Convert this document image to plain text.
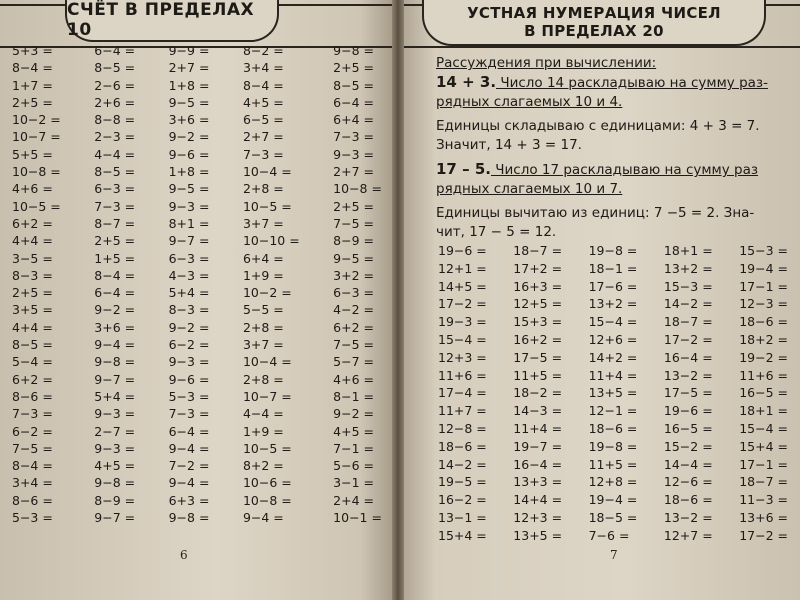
СЧЁТ В ПРЕДЕЛАХ 10
5+3 =
8−4 =
1+7 =
2+5 =
10−2 =
10−7 =
5+5 =
10−8 =
4+6 =
10−5 =
6+2 =
4+4 =
3−5 =
8−3 =
2+5 =
3+5 =
4+4 =
8−5 =
5−4 =
6+2 =
8−6 =
7−3 =
6−2 =
7−5 =
8−4 =
3+4 =
8−6 =
5−3 =
6−4 =
8−5 =
2−6 =
2+6 =
8−8 =
2−3 =
4−4 =
8−5 =
6−3 =
7−3 =
8−7 =
2+5 =
1+5 =
8−4 =
6−4 =
9−2 =
3+6 =
9−4 =
9−8 =
9−7 =
5+4 =
9−3 =
2−7 =
9−3 =
4+5 =
9−8 =
8−9 =
9−7 =
9−9 =
2+7 =
1+8 =
9−5 =
3+6 =
9−2 =
9−6 =
1+8 =
9−5 =
9−3 =
8+1 =
9−7 =
6−3 =
4−3 =
5+4 =
8−3 =
9−2 =
6−2 =
9−3 =
9−6 =
5−3 =
7−3 =
6−4 =
9−4 =
7−2 =
9−4 =
6+3 =
9−8 =
8−2 =
3+4 =
8−4 =
4+5 =
6−5 =
2+7 =
7−3 =
10−4 =
2+8 =
10−5 =
3+7 =
10−10 =
6+4 =
1+9 =
10−2 =
5−5 =
2+8 =
3+7 =
10−4 =
2+8 =
10−7 =
4−4 =
1+9 =
10−5 =
8+2 =
10−6 =
10−8 =
9−4 =
9−8 =
2+5 =
8−5 =
6−4 =
6+4 =
7−3 =
9−3 =
2+7 =
10−8 =
2+5 =
7−5 =
8−9 =
9−5 =
3+2 =
6−3 =
4−2 =
6+2 =
7−5 =
5−7 =
4+6 =
8−1 =
9−2 =
4+5 =
7−1 =
5−6 =
3−1 =
2+4 =
10−1 =
6
УСТНАЯ НУМЕРАЦИЯ ЧИСЕЛ
В ПРЕДЕЛАХ 20

Рассуждения при вычислении:

14 + 3. Число 14 раскладываю на сумму раз-

рядных слагаемых 10 и 4.

Единицы складываю с единицами: 4 + 3 = 7.

Значит, 14 + 3 = 17.

17 – 5. Число 17 раскладываю на сумму раз

рядных слагаемых 10 и 7.

Единицы вычитаю из единиц: 7 −5 = 2. Зна-

чит, 17 − 5 = 12.

19−6 =
12+1 =
14+5 =
17−2 =
19−3 =
15−4 =
12+3 =
11+6 =
17−4 =
11+7 =
12−8 =
18−6 =
14−2 =
19−5 =
16−2 =
13−1 =
15+4 =
18−7 =
17+2 =
16+3 =
12+5 =
15+3 =
16+2 =
17−5 =
11+5 =
18−2 =
14−3 =
11+4 =
19−7 =
16−4 =
13+3 =
14+4 =
12+3 =
13+5 =
19−8 =
18−1 =
17−6 =
13+2 =
15−4 =
12+6 =
14+2 =
11+4 =
13+5 =
12−1 =
18−6 =
19−8 =
11+5 =
12+8 =
19−4 =
18−5 =
7−6 =
18+1 =
13+2 =
15−3 =
14−2 =
18−7 =
17−2 =
16−4 =
13−2 =
17−5 =
19−6 =
16−5 =
15−2 =
14−4 =
12−6 =
18−6 =
13−2 =
12+7 =
15−3 =
19−4 =
17−1 =
12−3 =
18−6 =
18+2 =
19−2 =
11+6 =
16−5 =
18+1 =
15−4 =
15+4 =
17−1 =
18−7 =
11−3 =
13+6 =
17−2 =
7
